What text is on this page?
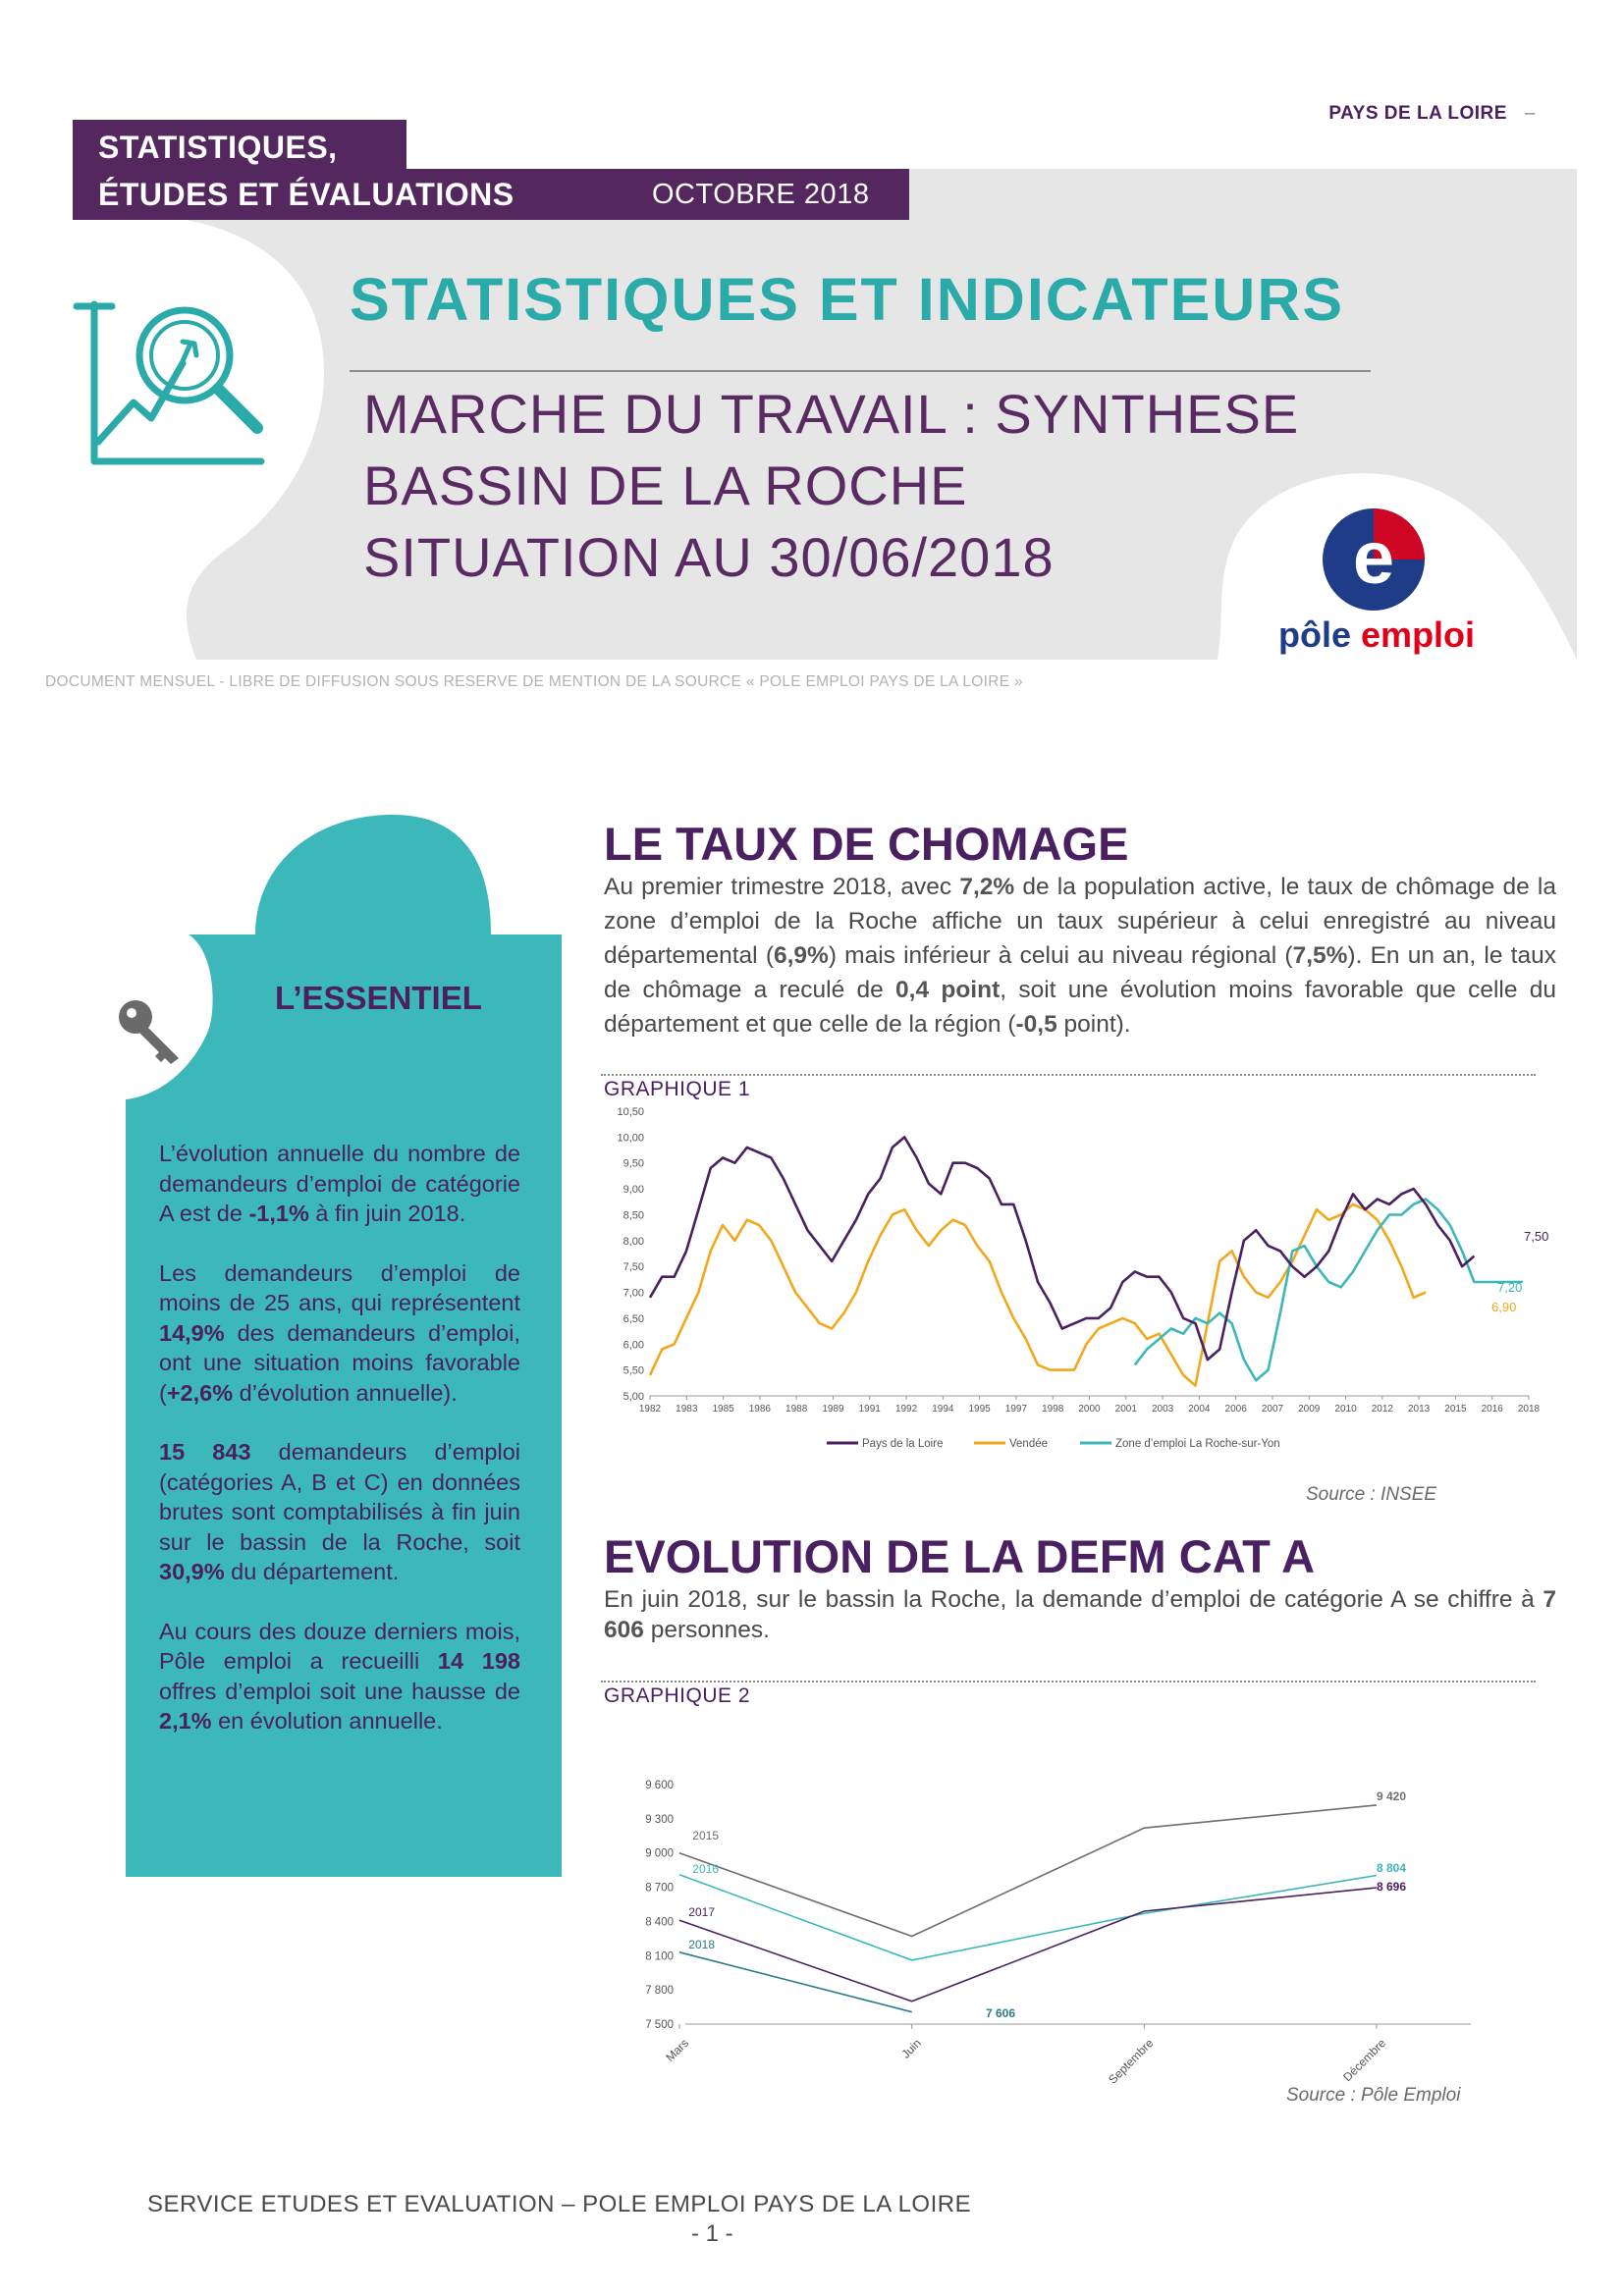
PAYS DE LA LOIRE –
STATISTIQUES,
ÉTUDES ET ÉVALUATIONS	OCTOBRE 2018
STATISTIQUES ET INDICATEURS
MARCHE DU TRAVAIL : SYNTHESE
BASSIN DE LA ROCHE
SITUATION AU 30/06/2018	e
pôle emploi
DOCUMENT MENSUEL - LIBRE DE DIFFUSION SOUS RESERVE DE MENTION DE LA SOURCE « POLE EMPLOI PAYS DE LA LOIRE »
L’ESSENTIEL

L’évolution annuelle du nombre de demandeurs d’emploi de catégorie A est de -1,1% à fin juin 2018.

Les demandeurs d’emploi de moins de 25 ans, qui représentent 14,9% des demandeurs d’emploi, ont une situation moins favorable (+2,6% d’évolution annuelle).

15 843 demandeurs d’emploi (catégories A, B et C) en données brutes sont comptabilisés à fin juin sur le bassin de la Roche, soit 30,9% du département.

Au cours des douze derniers mois, Pôle emploi a recueilli 14 198 offres d’emploi soit une hausse de 2,1% en évolution annuelle.

LE TAUX DE CHOMAGE
Au premier trimestre 2018, avec 7,2% de la population active, le taux de chômage de la zone d’emploi de la Roche affiche un taux supérieur à celui enregistré au niveau départemental (6,9%) mais inférieur à celui au niveau régional (7,5%). En un an, le taux de chômage a reculé de 0,4 point, soit une évolution moins favorable que celle du département et que celle de la région (-0,5 point).
GRAPHIQUE 1
5,00
5,50
6,00
6,50
7,00
7,50
8,00
8,50
9,00
9,50
10,00
10,50
1982 1983 1985 1986 1988 1989 1991 1992 1994 1995 1997 1998 2000 2001 2003 2004 2006 2007 2009 2010 2012 2013 2015 2016 2018
7,50
6,90
7,20
Pays de la Loire	Vendée	Zone d’emploi La Roche-sur-Yon
Source : INSEE
EVOLUTION DE LA DEFM CAT A
En juin 2018, sur le bassin la Roche, la demande d’emploi de catégorie A se chiffre à 7 606 personnes.
GRAPHIQUE 2
7 500
7 800
8 100
8 400
8 700
9 000
9 300
9 600
Mars	Juin	Septembre	Décembre
2015
9 420
2016	8 804
2017
8 696
2018
7 606
Source : Pôle Emploi
SERVICE ETUDES ET EVALUATION – POLE EMPLOI PAYS DE LA LOIRE
- 1 -
